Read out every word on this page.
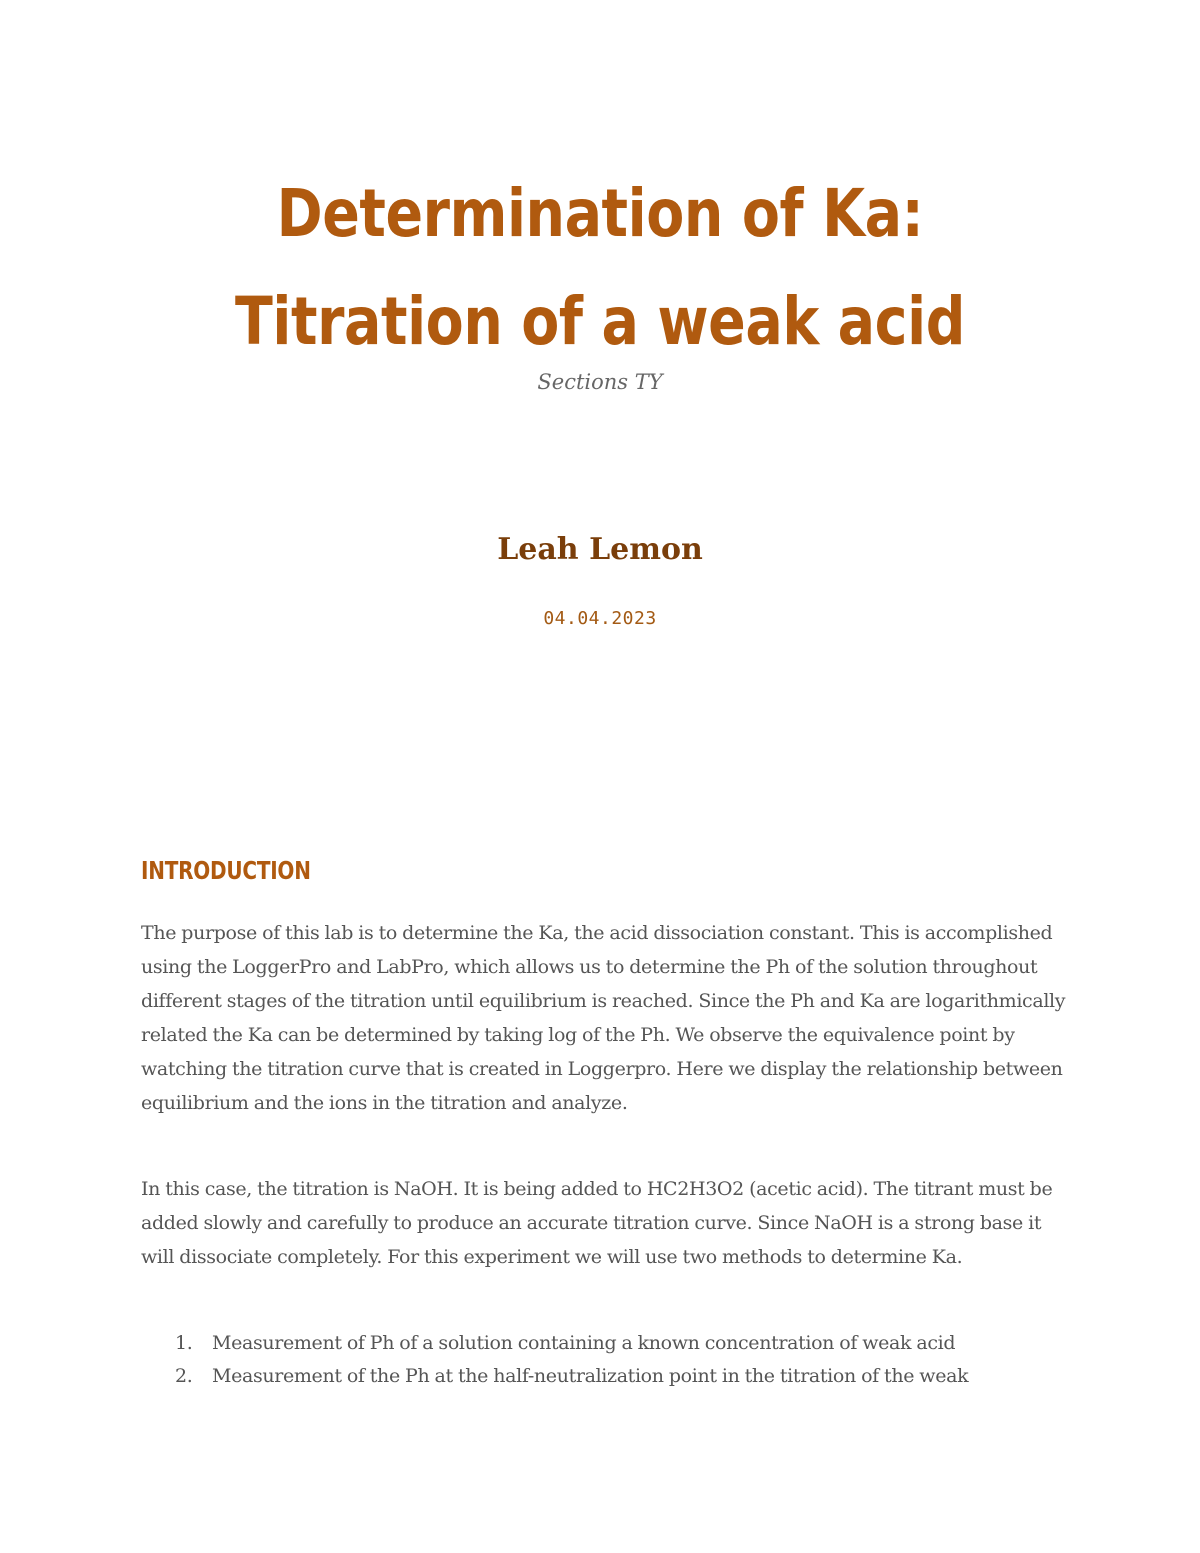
Determination of Ka: Titration of a weak acid

Sections TY

Leah Lemon

04.04.2023

INTRODUCTION

The purpose of this lab is to determine the Ka, the acid dissociation constant. This is accomplished using the LoggerPro and LabPro, which allows us to determine the Ph of the solution throughout different stages of the titration until equilibrium is reached. Since the Ph and Ka are logarithmically related the Ka can be determined by taking log of the Ph. We observe the equivalence point by watching the titration curve that is created in Loggerpro. Here we display the relationship between equilibrium and the ions in the titration and analyze.

In this case, the titration is NaOH. It is being added to HC2H3O2 (acetic acid). The titrant must be added slowly and carefully to produce an accurate titration curve. Since NaOH is a strong base it will dissociate completely. For this experiment we will use two methods to determine Ka.

1. Measurement of Ph of a solution containing a known concentration of weak acid
2. Measurement of the Ph at the half-neutralization point in the titration of the weak
